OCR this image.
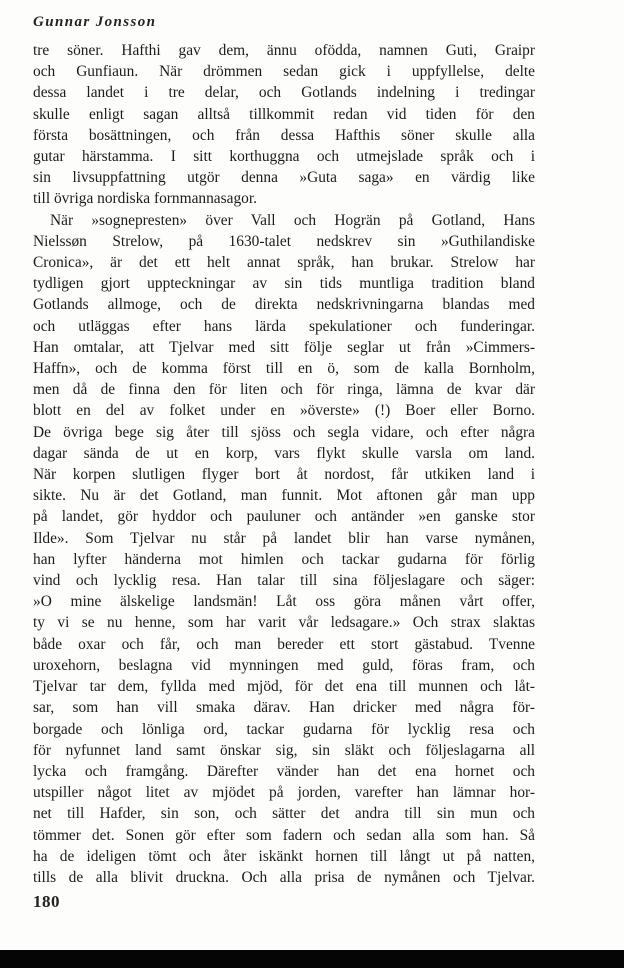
Gunnar Jonsson
tre söner. Hafthi gav dem, ännu ofödda, namnen Guti, Graipr
och Gunfiaun. När drömmen sedan gick i uppfyllelse, delte
dessa landet i tre delar, och Gotlands indelning i tredingar
skulle enligt sagan alltså tillkommit redan vid tiden för den
första bosättningen, och från dessa Hafthis söner skulle alla
gutar härstamma. I sitt korthuggna och utmejslade språk och i
sin livsuppfattning utgör denna »Guta saga» en värdig like
till övriga nordiska fornmannasagor.
När »sognepresten» över Vall och Hogrän på Gotland, Hans
Nielssøn Strelow, på 1630-talet nedskrev sin »Guthilandiske
Cronica», är det ett helt annat språk, han brukar. Strelow har
tydligen gjort uppteckningar av sin tids muntliga tradition bland
Gotlands allmoge, och de direkta nedskrivningarna blandas med
och utläggas efter hans lärda spekulationer och funderingar.
Han omtalar, att Tjelvar med sitt följe seglar ut från »Cimmers-
Haffn», och de komma först till en ö, som de kalla Bornholm,
men då de finna den för liten och för ringa, lämna de kvar där
blott en del av folket under en »överste» (!) Boer eller Borno.
De övriga bege sig åter till sjöss och segla vidare, och efter några
dagar sända de ut en korp, vars flykt skulle varsla om land.
När korpen slutligen flyger bort åt nordost, får utkiken land i
sikte. Nu är det Gotland, man funnit. Mot aftonen går man upp
på landet, gör hyddor och pauluner och antänder »en ganske stor
Ilde». Som Tjelvar nu står på landet blir han varse nymånen,
han lyfter händerna mot himlen och tackar gudarna för förlig
vind och lycklig resa. Han talar till sina följeslagare och säger:
»O mine älskelige landsmän! Låt oss göra månen vårt offer,
ty vi se nu henne, som har varit vår ledsagare.» Och strax slaktas
både oxar och får, och man bereder ett stort gästabud. Tvenne
uroxehorn, beslagna vid mynningen med guld, föras fram, och
Tjelvar tar dem, fyllda med mjöd, för det ena till munnen och låt-
sar, som han vill smaka därav. Han dricker med några för-
borgade och lönliga ord, tackar gudarna för lycklig resa och
för nyfunnet land samt önskar sig, sin släkt och följeslagarna all
lycka och framgång. Därefter vänder han det ena hornet och
utspiller något litet av mjödet på jorden, varefter han lämnar hor-
net till Hafder, sin son, och sätter det andra till sin mun och
tömmer det. Sonen gör efter som fadern och sedan alla som han. Så
ha de ideligen tömt och åter iskänkt hornen till långt ut på natten,
tills de alla blivit druckna. Och alla prisa de nymånen och Tjelvar.
180
